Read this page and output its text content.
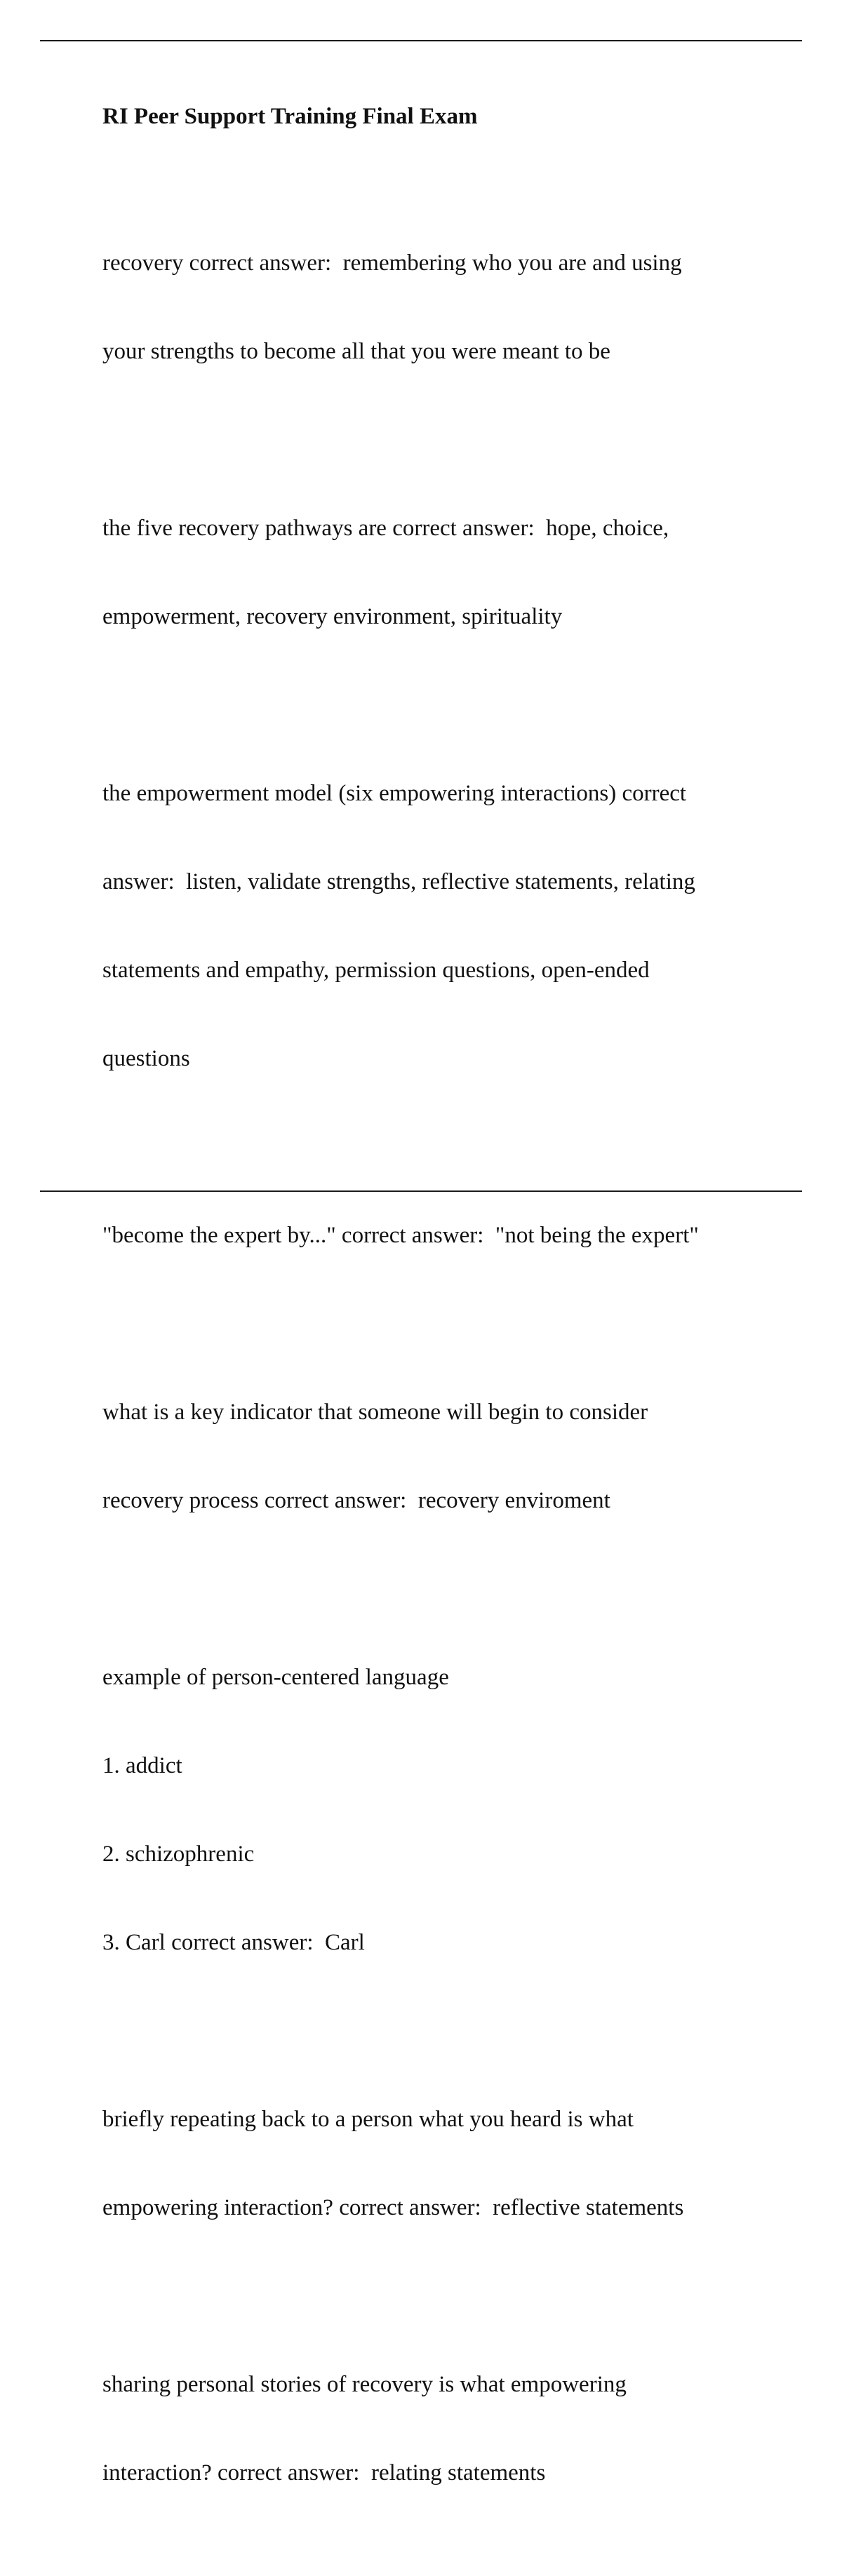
RI Peer Support Training Final Exam

recovery correct answer:  remembering who you are and using

your strengths to become all that you were meant to be

the five recovery pathways are correct answer:  hope, choice,

empowerment, recovery environment, spirituality

the empowerment model (six empowering interactions) correct

answer:  listen, validate strengths, reflective statements, relating

statements and empathy, permission questions, open-ended

questions

"become the expert by..." correct answer:  "not being the expert"

what is a key indicator that someone will begin to consider

recovery process correct answer:  recovery enviroment

example of person-centered language

1. addict

2. schizophrenic

3. Carl correct answer:  Carl

briefly repeating back to a person what you heard is what

empowering interaction? correct answer:  reflective statements

sharing personal stories of recovery is what empowering

interaction? correct answer:  relating statements
